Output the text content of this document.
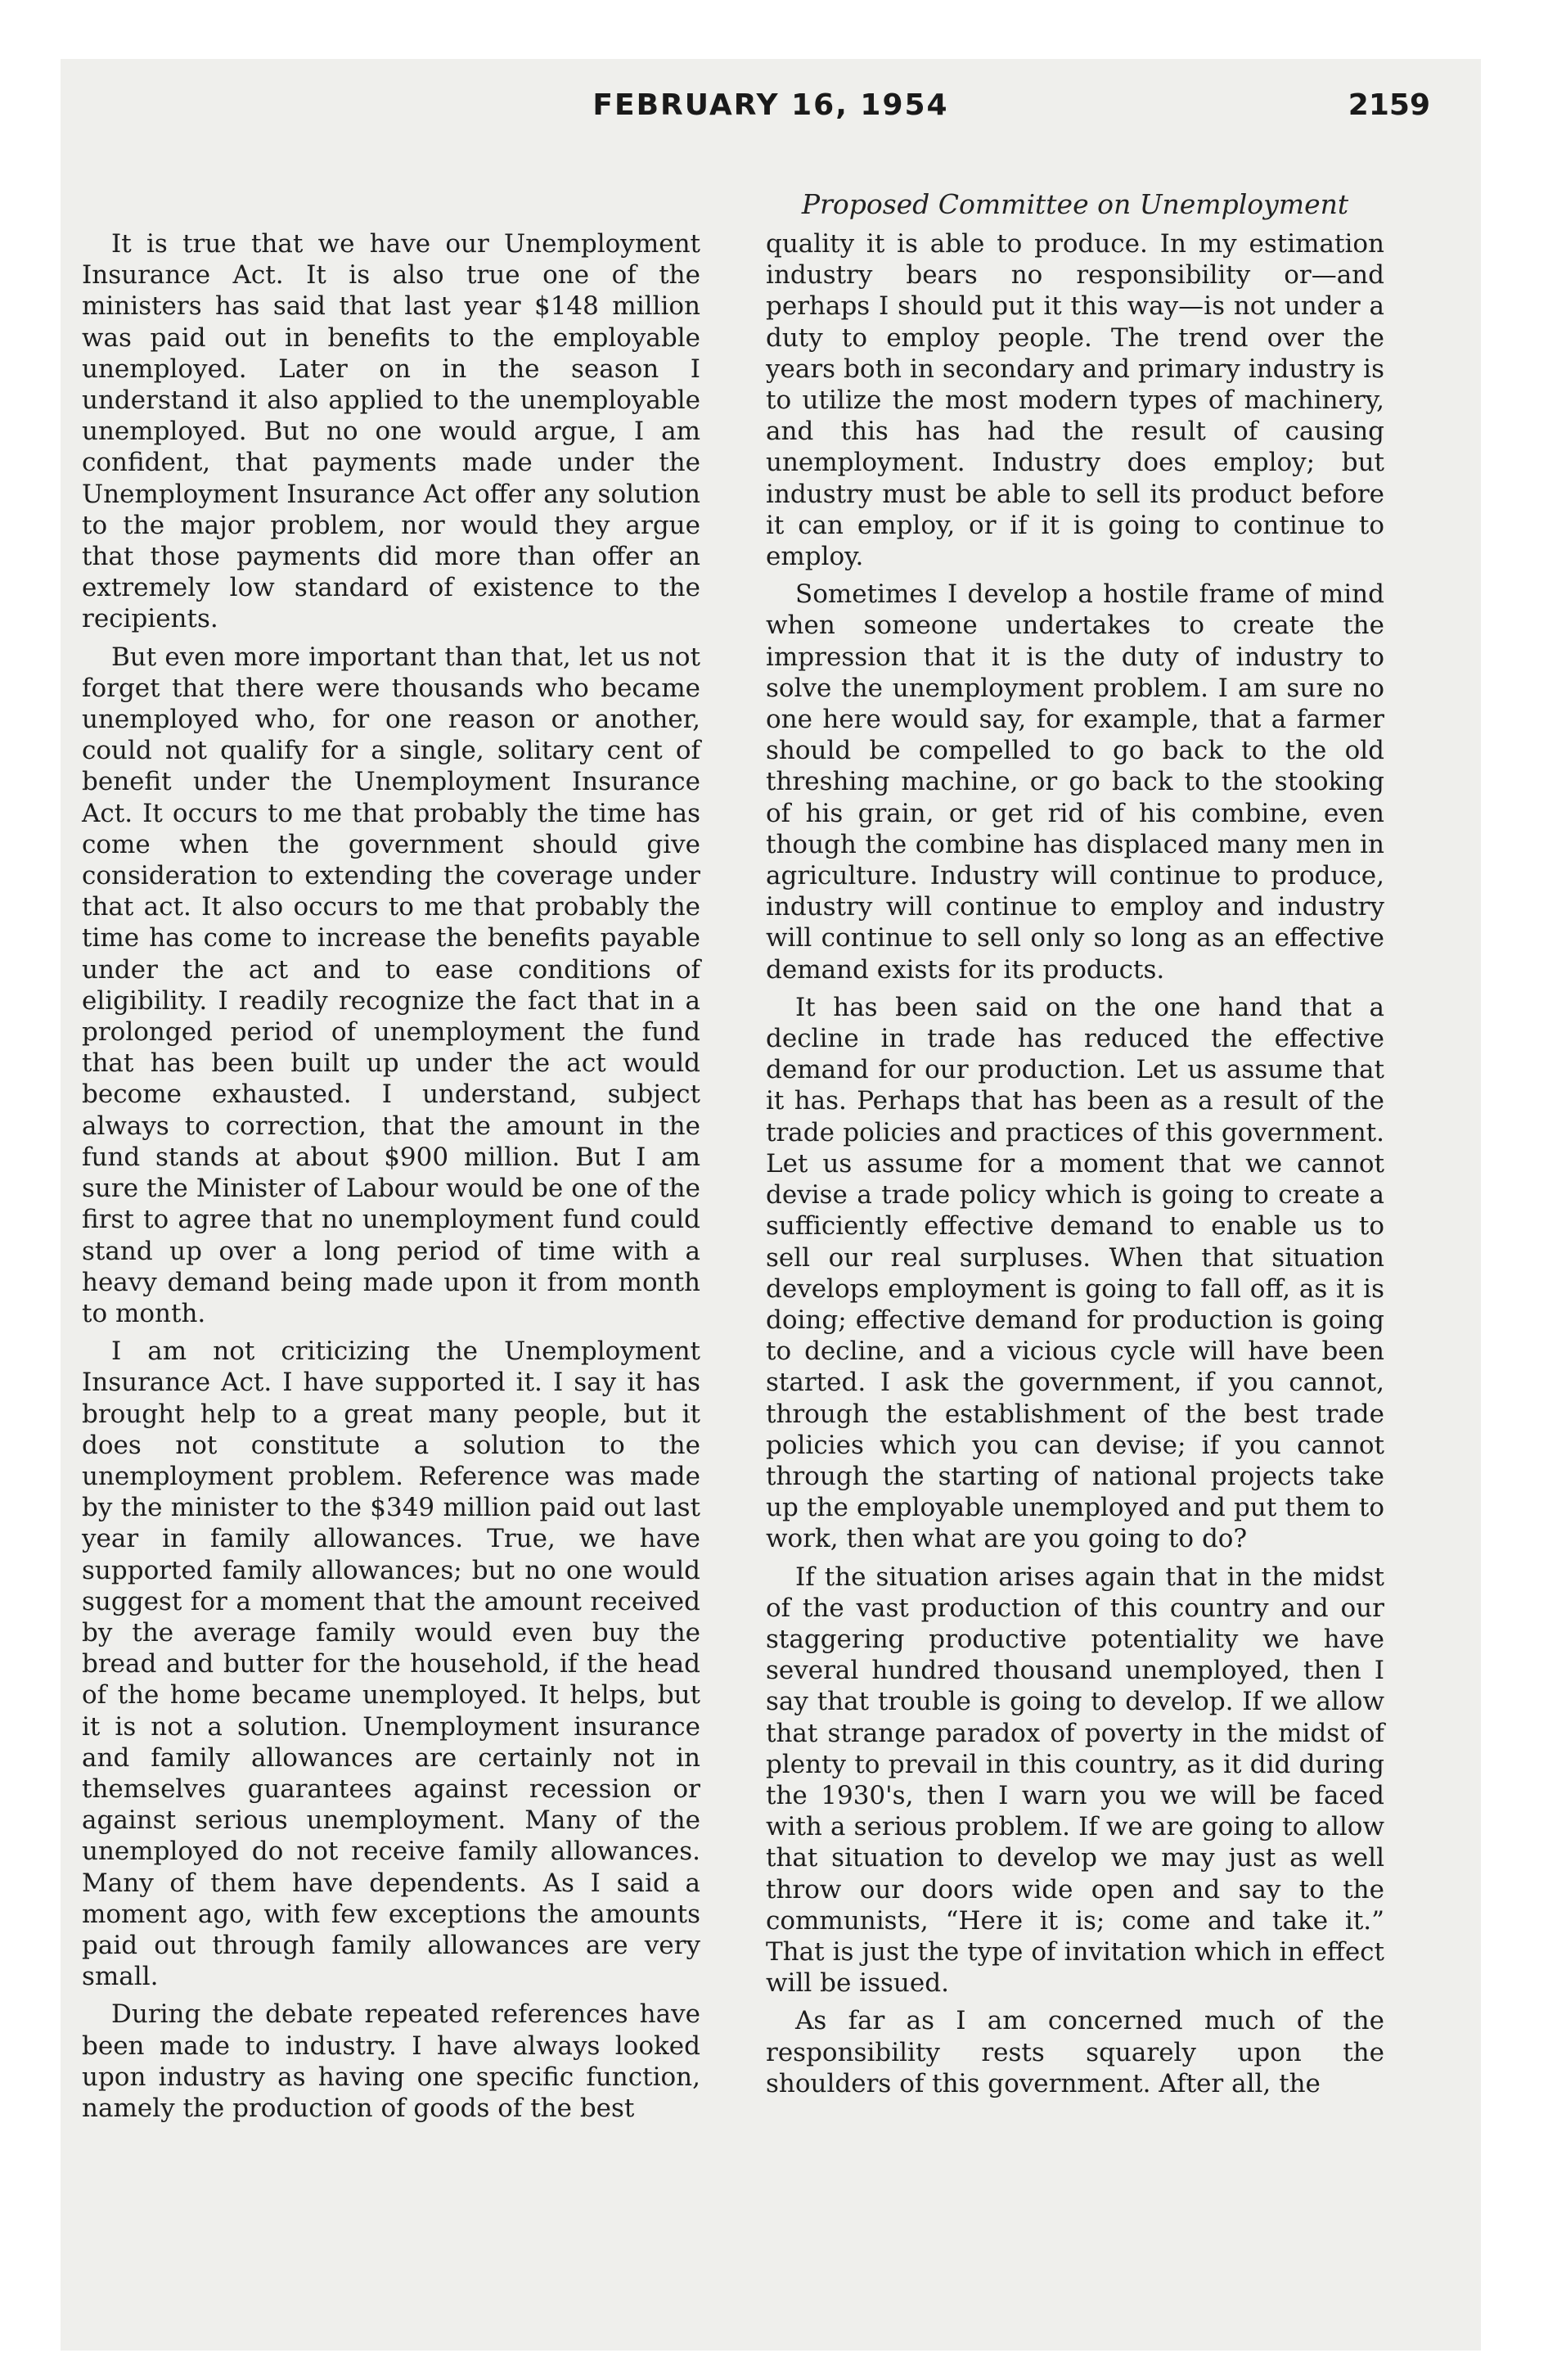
FEBRUARY 16, 1954	2159
Proposed Committee on Unemployment

It is true that we have our Unemployment Insurance Act. It is also true one of the ministers has said that last year $148 million was paid out in benefits to the employable unemployed. Later on in the season I understand it also applied to the unemployable unemployed. But no one would argue, I am confident, that payments made under the Unemployment Insurance Act offer any solution to the major problem, nor would they argue that those payments did more than offer an extremely low standard of existence to the recipients.

But even more important than that, let us not forget that there were thousands who became unemployed who, for one reason or another, could not qualify for a single, solitary cent of benefit under the Unemployment Insurance Act. It occurs to me that probably the time has come when the government should give consideration to extending the coverage under that act. It also occurs to me that probably the time has come to increase the benefits payable under the act and to ease conditions of eligibility. I readily recognize the fact that in a prolonged period of unemployment the fund that has been built up under the act would become exhausted. I understand, subject always to correction, that the amount in the fund stands at about $900 million. But I am sure the Minister of Labour would be one of the first to agree that no unemployment fund could stand up over a long period of time with a heavy demand being made upon it from month to month.

I am not criticizing the Unemployment Insurance Act. I have supported it. I say it has brought help to a great many people, but it does not constitute a solution to the unemployment problem. Reference was made by the minister to the $349 million paid out last year in family allowances. True, we have supported family allowances; but no one would suggest for a moment that the amount received by the average family would even buy the bread and butter for the household, if the head of the home became unemployed. It helps, but it is not a solution. Unemployment insurance and family allowances are certainly not in themselves guarantees against recession or against serious unemployment. Many of the unemployed do not receive family allowances. Many of them have dependents. As I said a moment ago, with few exceptions the amounts paid out through family allowances are very small.

During the debate repeated references have been made to industry. I have always looked upon industry as having one specific function, namely the production of goods of the best

quality it is able to produce. In my estimation industry bears no responsibility or—and perhaps I should put it this way—is not under a duty to employ people. The trend over the years both in secondary and primary industry is to utilize the most modern types of machinery, and this has had the result of causing unemployment. Industry does employ; but industry must be able to sell its product before it can employ, or if it is going to continue to employ.

Sometimes I develop a hostile frame of mind when someone undertakes to create the impression that it is the duty of industry to solve the unemployment problem. I am sure no one here would say, for example, that a farmer should be compelled to go back to the old threshing machine, or go back to the stooking of his grain, or get rid of his combine, even though the combine has displaced many men in agriculture. Industry will continue to produce, industry will continue to employ and industry will continue to sell only so long as an effective demand exists for its products.

It has been said on the one hand that a decline in trade has reduced the effective demand for our production. Let us assume that it has. Perhaps that has been as a result of the trade policies and practices of this government. Let us assume for a moment that we cannot devise a trade policy which is going to create a sufficiently effective demand to enable us to sell our real surpluses. When that situation develops employment is going to fall off, as it is doing; effective demand for production is going to decline, and a vicious cycle will have been started. I ask the government, if you cannot, through the establishment of the best trade policies which you can devise; if you cannot through the starting of national projects take up the employable unemployed and put them to work, then what are you going to do?

If the situation arises again that in the midst of the vast production of this country and our staggering productive potentiality we have several hundred thousand unemployed, then I say that trouble is going to develop. If we allow that strange paradox of poverty in the midst of plenty to prevail in this country, as it did during the 1930's, then I warn you we will be faced with a serious problem. If we are going to allow that situation to develop we may just as well throw our doors wide open and say to the communists, “Here it is; come and take it.” That is just the type of invitation which in effect will be issued.

As far as I am concerned much of the responsibility rests squarely upon the shoulders of this government. After all, the
